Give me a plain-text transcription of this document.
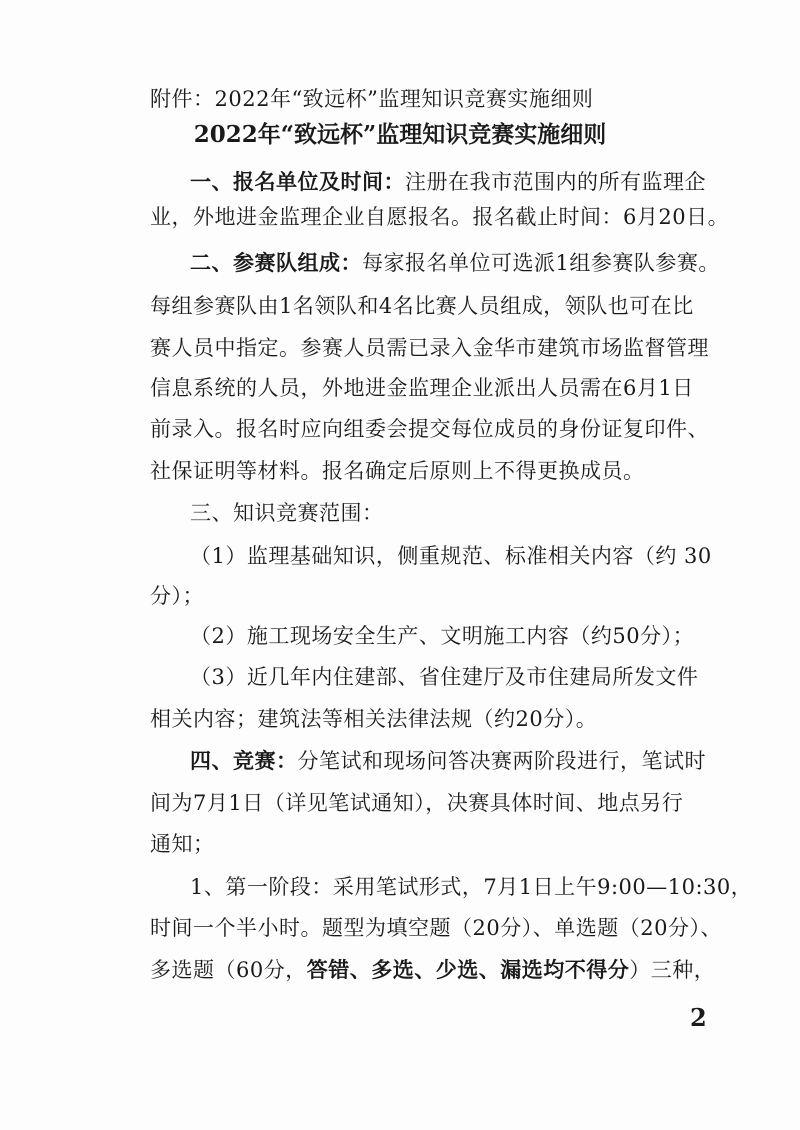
附件：2022年“致远杯”监理知识竞赛实施细则
2022年“致远杯”监理知识竞赛实施细则
一、报名单位及时间：注册在我市范围内的所有监理企
业，外地进金监理企业自愿报名。报名截止时间：6月20日。
二、参赛队组成：每家报名单位可选派1组参赛队参赛。
每组参赛队由1名领队和4名比赛人员组成，领队也可在比
赛人员中指定。参赛人员需已录入金华市建筑市场监督管理
信息系统的人员，外地进金监理企业派出人员需在6月1日
前录入。报名时应向组委会提交每位成员的身份证复印件、
社保证明等材料。报名确定后原则上不得更换成员。
三、知识竞赛范围：
（1）监理基础知识，侧重规范、标准相关内容（约 30
分）；
（2）施工现场安全生产、文明施工内容（约50分）；
（3）近几年内住建部、省住建厅及市住建局所发文件
相关内容；建筑法等相关法律法规（约20分）。
四、竞赛：分笔试和现场问答决赛两阶段进行，笔试时
间为7月1日（详见笔试通知），决赛具体时间、地点另行
通知；
1、第一阶段：采用笔试形式，7月1日上午9:00—10:30，
时间一个半小时。题型为填空题（20分）、单选题（20分）、
多选题（60分，答错、多选、少选、漏选均不得分）三种，
2
